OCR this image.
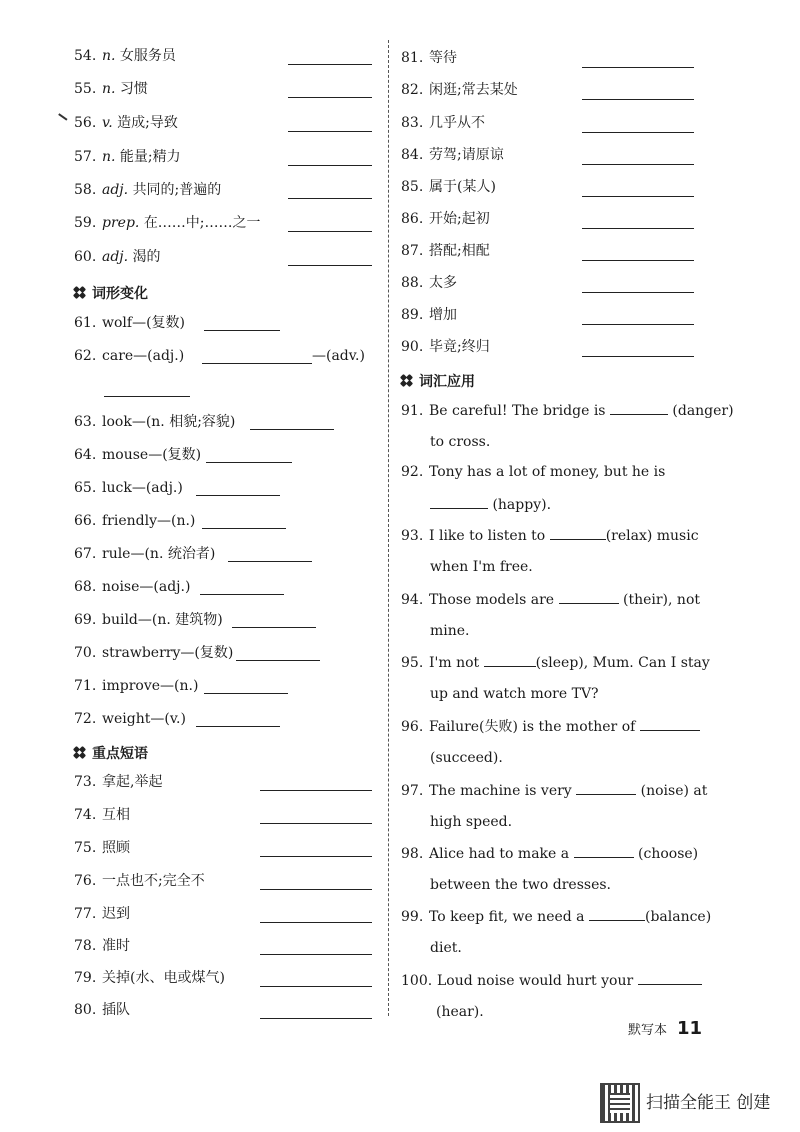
54. n. 女服务员
55. n. 习惯
56. v. 造成;导致
57. n. 能量;精力
58. adj. 共同的;普遍的
59. prep. 在……中;……之一
60. adj. 渴的
词形变化
61. wolf—(复数)
62. care—(adj.)	—(adv.)
63. look—(n. 相貌;容貌)
64. mouse—(复数)
65. luck—(adj.)
66. friendly—(n.)
67. rule—(n. 统治者)
68. noise—(adj.)
69. build—(n. 建筑物)
70. strawberry—(复数)
71. improve—(n.)
72. weight—(v.)
重点短语
73. 拿起,举起
74. 互相
75. 照顾
76. 一点也不;完全不
77. 迟到
78. 准时
79. 关掉(水、电或煤气)
80. 插队
81. 等待
82. 闲逛;常去某处
83. 几乎从不
84. 劳驾;请原谅
85. 属于(某人)
86. 开始;起初
87. 搭配;相配
88. 太多
89. 增加
90. 毕竟;终归
词汇应用
91. Be careful! The bridge is	(danger)
to cross.
92. Tony has a lot of money, but he is
(happy).
93. I like to listen to	(relax) music
when I'm free.
94. Those models are	(their), not
mine.
95. I'm not	(sleep), Mum. Can I stay
up and watch more TV?
96. Failure(失败) is the mother of
(succeed).
97. The machine is very	(noise) at
high speed.
98. Alice had to make a	(choose)
between the two dresses.
99. To keep fit, we need a	(balance)
diet.
100. Loud noise would hurt your
(hear).
默写本 11
扫描全能王 创建
